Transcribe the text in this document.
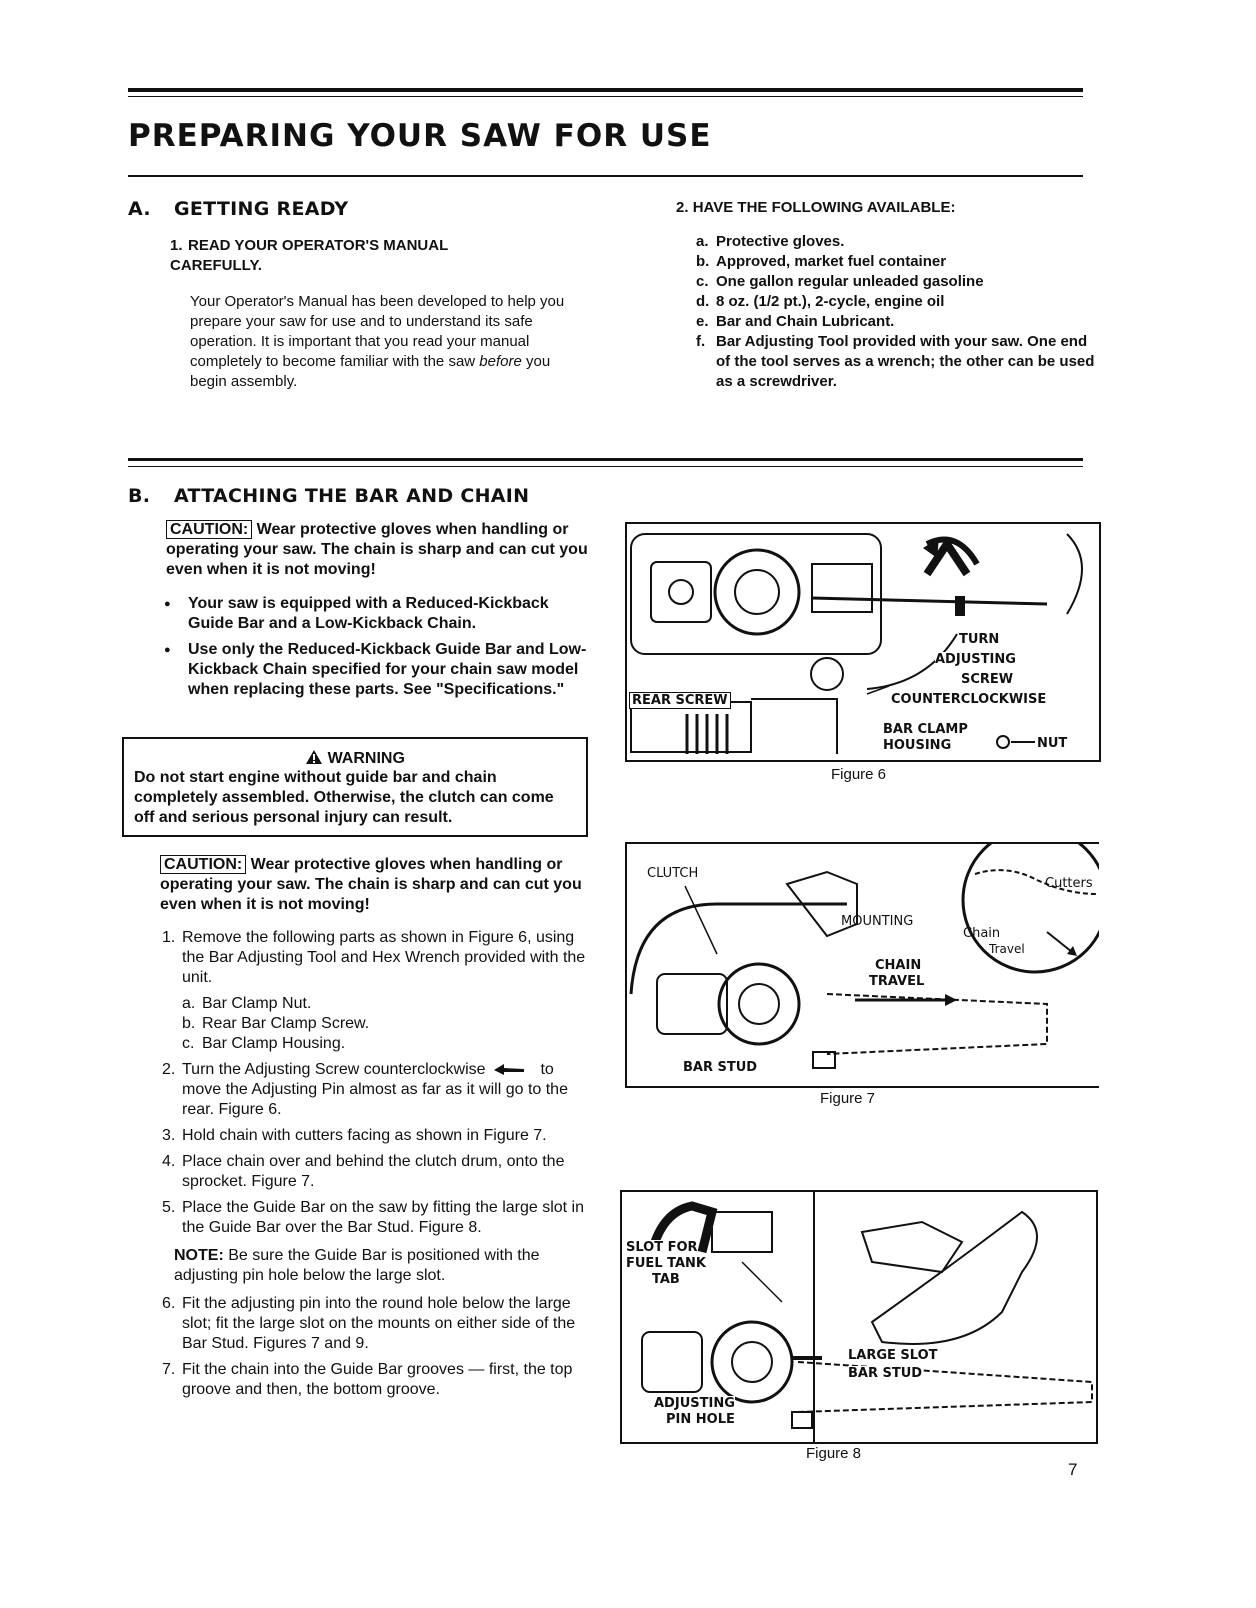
PREPARING YOUR SAW FOR USE
A. GETTING READY
1. READ YOUR OPERATOR'S MANUAL CAREFULLY.
Your Operator's Manual has been developed to help you prepare your saw for use and to understand its safe operation. It is important that you read your manual completely to become familiar with the saw before you begin assembly.
2. HAVE THE FOLLOWING AVAILABLE:
a. Protective gloves.
b. Approved, market fuel container
c. One gallon regular unleaded gasoline
d. 8 oz. (1/2 pt.), 2-cycle, engine oil
e. Bar and Chain Lubricant.
f. Bar Adjusting Tool provided with your saw. One end of the tool serves as a wrench; the other can be used as a screwdriver.
B. ATTACHING THE BAR AND CHAIN
CAUTION: Wear protective gloves when handling or operating your saw. The chain is sharp and can cut you even when it is not moving!
● Your saw is equipped with a Reduced-Kickback Guide Bar and a Low-Kickback Chain.
● Use only the Reduced-Kickback Guide Bar and Low-Kickback Chain specified for your chain saw model when replacing these parts. See "Specifications."
WARNING
Do not start engine without guide bar and chain completely assembled. Otherwise, the clutch can come off and serious personal injury can result.
CAUTION: Wear protective gloves when handling or operating your saw. The chain is sharp and can cut you even when it is not moving!
1. Remove the following parts as shown in Figure 6, using the Bar Adjusting Tool and Hex Wrench provided with the unit.
a. Bar Clamp Nut.
b. Rear Bar Clamp Screw.
c. Bar Clamp Housing.
2. Turn the Adjusting Screw counterclockwise	to move the Adjusting Pin almost as far as it will go to the rear. Figure 6.
3. Hold chain with cutters facing as shown in Figure 7.
4. Place chain over and behind the clutch drum, onto the sprocket. Figure 7.
5. Place the Guide Bar on the saw by fitting the large slot in the Guide Bar over the Bar Stud. Figure 8.
NOTE: Be sure the Guide Bar is positioned with the adjusting pin hole below the large slot.
6. Fit the adjusting pin into the round hole below the large slot; fit the large slot on the mounts on either side of the Bar Stud. Figures 7 and 9.
7. Fit the chain into the Guide Bar grooves — first, the top groove and then, the bottom groove.
TURN
ADJUSTING
SCREW
COUNTERCLOCKWISE
REAR SCREW
BAR CLAMP
HOUSING	NUT
Figure 6
CLUTCH
MOUNTING
CHAIN
TRAVEL
BAR STUD
Cutters
Chain
Travel
Figure 7
SLOT FOR
FUEL TANK
TAB
LARGE SLOT
BAR STUD
ADJUSTING
PIN HOLE
Figure 8
7
